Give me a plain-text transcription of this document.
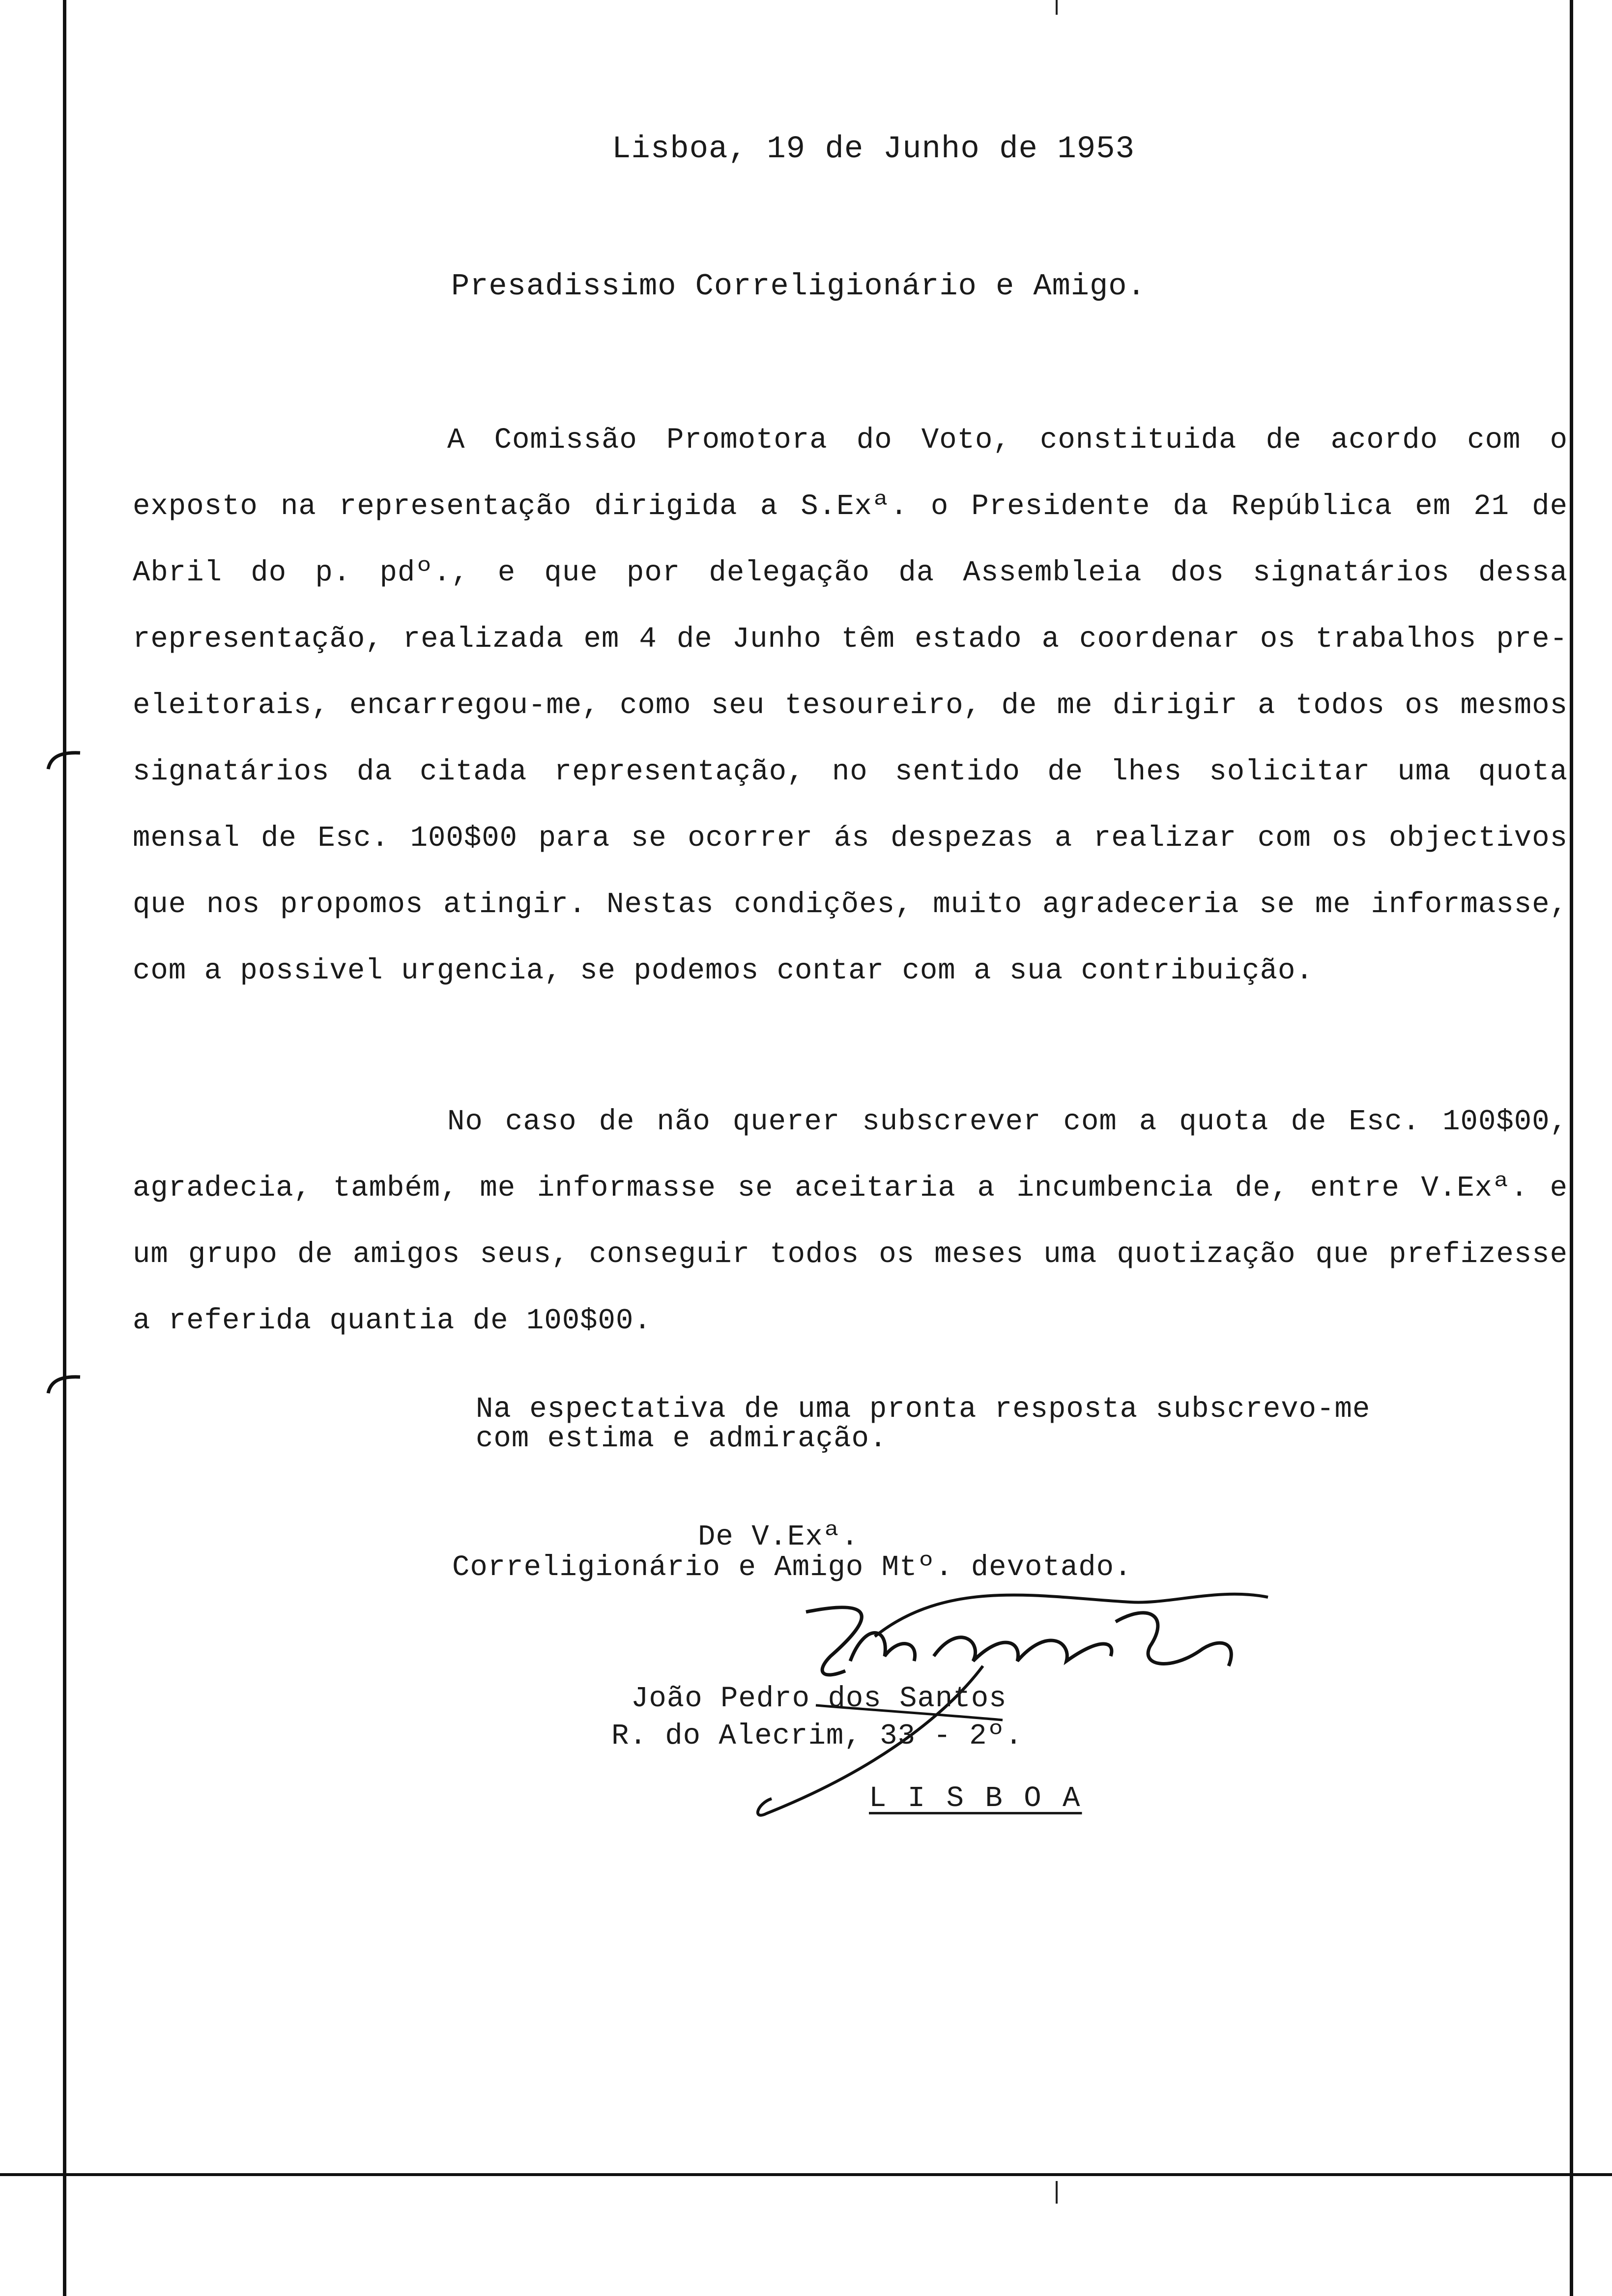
Lisboa, 19 de Junho de 1953
Presadissimo Correligionário e Amigo.
A Comissão Promotora do Voto, constituida de acordo com o exposto na representação dirigida a S.Exª. o Presidente da República em 21 de Abril do p. pdº., e que por delegação da Assembleia dos signatários dessa representação, realizada em 4 de Junho têm estado a coordenar os trabalhos pre-eleitorais, encarregou-me, como seu tesoureiro, de me dirigir a todos os mesmos signatários da citada representação, no sentido de lhes solicitar uma quota mensal de Esc. 100$00 para se ocorrer ás despezas a realizar com os objectivos que nos propomos atingir. Nestas condições, muito agradeceria se me informasse, com a possivel urgencia, se podemos contar com a sua contribuição.
No caso de não querer subscrever com a quota de Esc. 100$00, agradecia, também, me informasse se aceitaria a incumbencia de, entre V.Exª. e um grupo de amigos seus, conseguir todos os meses uma quotização que prefizesse a referida quantia de 100$00.
Na espectativa de uma pronta resposta subscrevo-me
com estima e admiração.
De V.Exª.
Correligionário e Amigo Mtº. devotado.
João Pedro dos Santos
R. do Alecrim, 33 - 2º.
L I S B O A
